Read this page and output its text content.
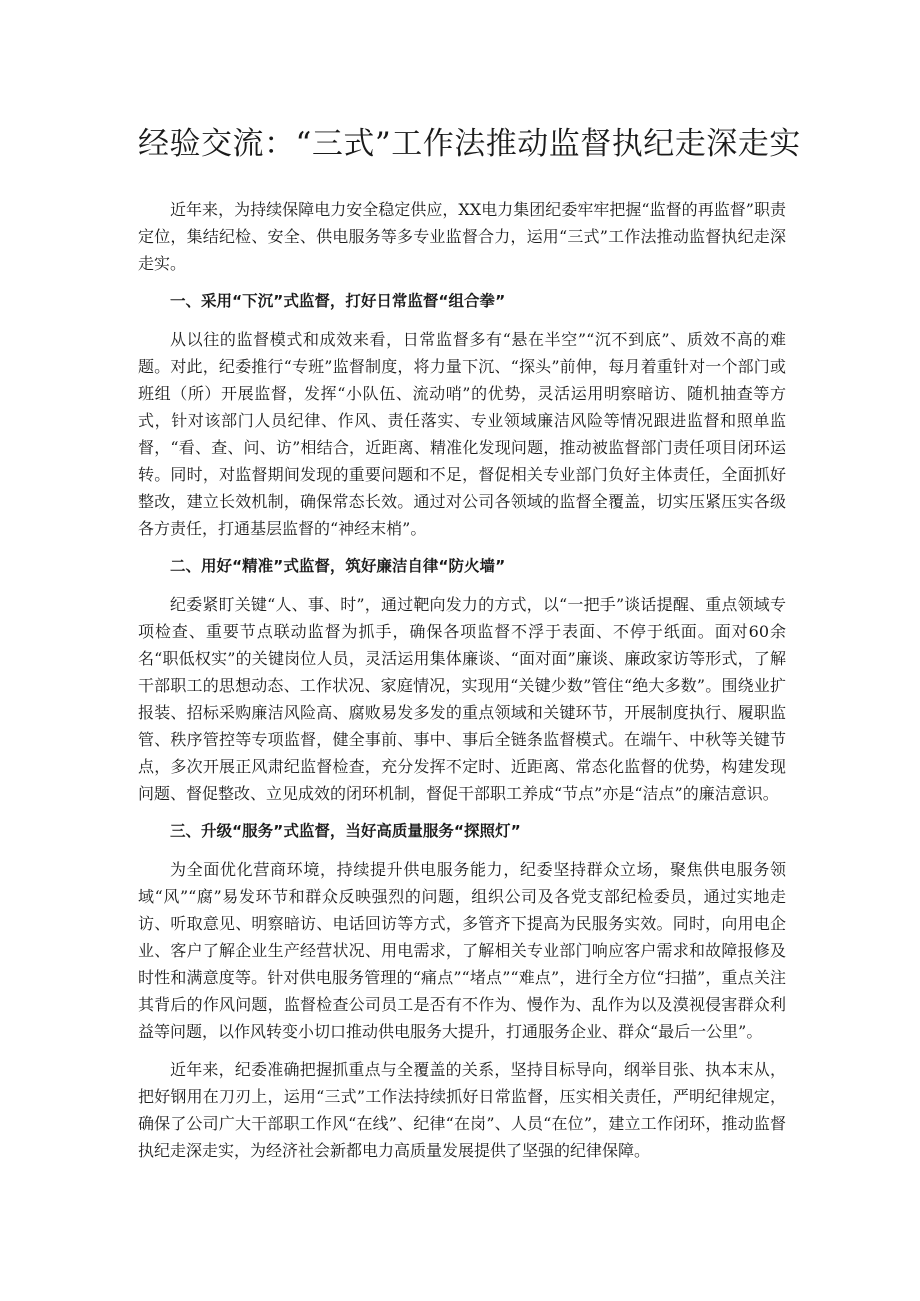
经验交流：“三式”工作法推动监督执纪走深走实

近年来，为持续保障电力安全稳定供应，XX电力集团纪委牢牢把握“监督的再监督”职责定位，集结纪检、安全、供电服务等多专业监督合力，运用“三式”工作法推动监督执纪走深走实。

一、采用“下沉”式监督，打好日常监督“组合拳”

从以往的监督模式和成效来看，日常监督多有“悬在半空”“沉不到底”、质效不高的难题。对此，纪委推行“专班”监督制度，将力量下沉、“探头”前伸，每月着重针对一个部门或班组（所）开展监督，发挥“小队伍、流动哨”的优势，灵活运用明察暗访、随机抽查等方式，针对该部门人员纪律、作风、责任落实、专业领域廉洁风险等情况跟进监督和照单监督，“看、查、问、访”相结合，近距离、精准化发现问题，推动被监督部门责任项目闭环运转。同时，对监督期间发现的重要问题和不足，督促相关专业部门负好主体责任，全面抓好整改，建立长效机制，确保常态长效。通过对公司各领域的监督全覆盖，切实压紧压实各级各方责任，打通基层监督的“神经末梢”。

二、用好“精准”式监督，筑好廉洁自律“防火墙”

纪委紧盯关键“人、事、时”，通过靶向发力的方式，以“一把手”谈话提醒、重点领域专项检查、重要节点联动监督为抓手，确保各项监督不浮于表面、不停于纸面。面对60余名“职低权实”的关键岗位人员，灵活运用集体廉谈、“面对面”廉谈、廉政家访等形式，了解干部职工的思想动态、工作状况、家庭情况，实现用“关键少数”管住“绝大多数”。围绕业扩报装、招标采购廉洁风险高、腐败易发多发的重点领域和关键环节，开展制度执行、履职监管、秩序管控等专项监督，健全事前、事中、事后全链条监督模式。在端午、中秋等关键节点，多次开展正风肃纪监督检查，充分发挥不定时、近距离、常态化监督的优势，构建发现问题、督促整改、立见成效的闭环机制，督促干部职工养成“节点”亦是“洁点”的廉洁意识。

三、升级“服务”式监督，当好高质量服务“探照灯”

为全面优化营商环境，持续提升供电服务能力，纪委坚持群众立场，聚焦供电服务领域“风”“腐”易发环节和群众反映强烈的问题，组织公司及各党支部纪检委员，通过实地走访、听取意见、明察暗访、电话回访等方式，多管齐下提高为民服务实效。同时，向用电企业、客户了解企业生产经营状况、用电需求，了解相关专业部门响应客户需求和故障报修及时性和满意度等。针对供电服务管理的“痛点”“堵点”“难点”，进行全方位“扫描”，重点关注其背后的作风问题，监督检查公司员工是否有不作为、慢作为、乱作为以及漠视侵害群众利益等问题，以作风转变小切口推动供电服务大提升，打通服务企业、群众“最后一公里”。

近年来，纪委准确把握抓重点与全覆盖的关系，坚持目标导向，纲举目张、执本末从，把好钢用在刀刃上，运用“三式”工作法持续抓好日常监督，压实相关责任，严明纪律规定，确保了公司广大干部职工作风“在线”、纪律“在岗”、人员“在位”，建立工作闭环，推动监督执纪走深走实，为经济社会新都电力高质量发展提供了坚强的纪律保障。
